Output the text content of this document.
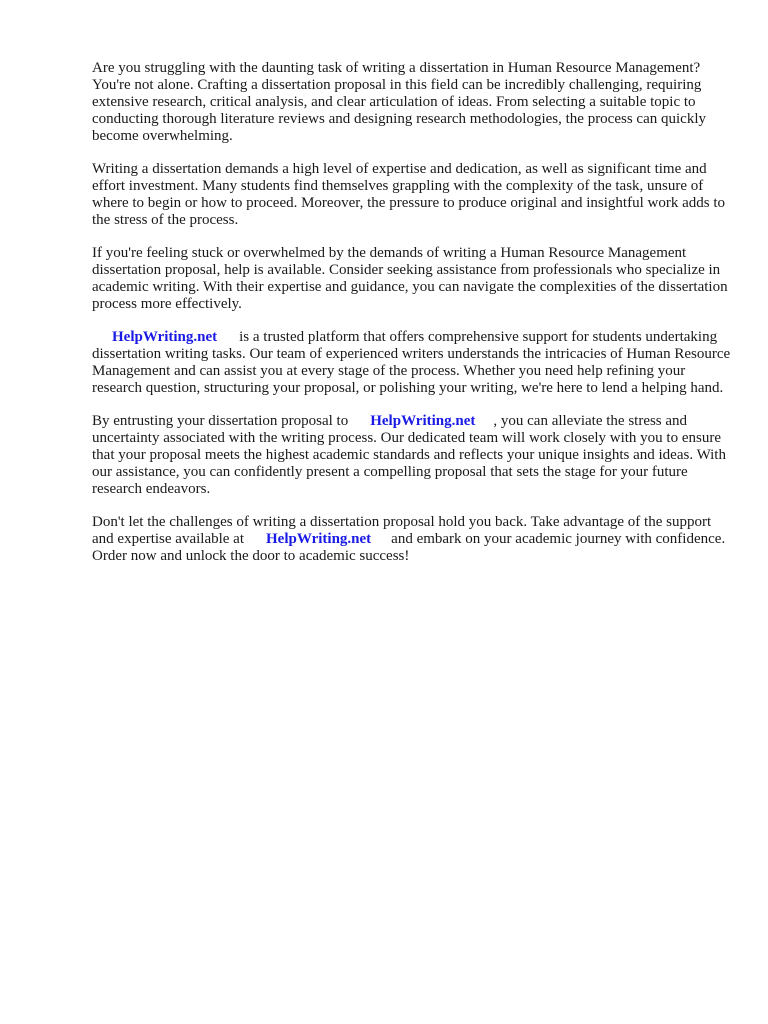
Are you struggling with the daunting task of writing a dissertation in Human Resource Management? You're not alone. Crafting a dissertation proposal in this field can be incredibly challenging, requiring extensive research, critical analysis, and clear articulation of ideas. From selecting a suitable topic to conducting thorough literature reviews and designing research methodologies, the process can quickly become overwhelming.

Writing a dissertation demands a high level of expertise and dedication, as well as significant time and effort investment. Many students find themselves grappling with the complexity of the task, unsure of where to begin or how to proceed. Moreover, the pressure to produce original and insightful work adds to the stress of the process.

If you're feeling stuck or overwhelmed by the demands of writing a Human Resource Management dissertation proposal, help is available. Consider seeking assistance from professionals who specialize in academic writing. With their expertise and guidance, you can navigate the complexities of the dissertation process more effectively.

HelpWriting.net is a trusted platform that offers comprehensive support for students undertaking dissertation writing tasks. Our team of experienced writers understands the intricacies of Human Resource Management and can assist you at every stage of the process. Whether you need help refining your research question, structuring your proposal, or polishing your writing, we're here to lend a helping hand.

By entrusting your dissertation proposal to HelpWriting.net , you can alleviate the stress and uncertainty associated with the writing process. Our dedicated team will work closely with you to ensure that your proposal meets the highest academic standards and reflects your unique insights and ideas. With our assistance, you can confidently present a compelling proposal that sets the stage for your future research endeavors.

Don't let the challenges of writing a dissertation proposal hold you back. Take advantage of the support and expertise available at HelpWriting.net and embark on your academic journey with confidence. Order now and unlock the door to academic success!
